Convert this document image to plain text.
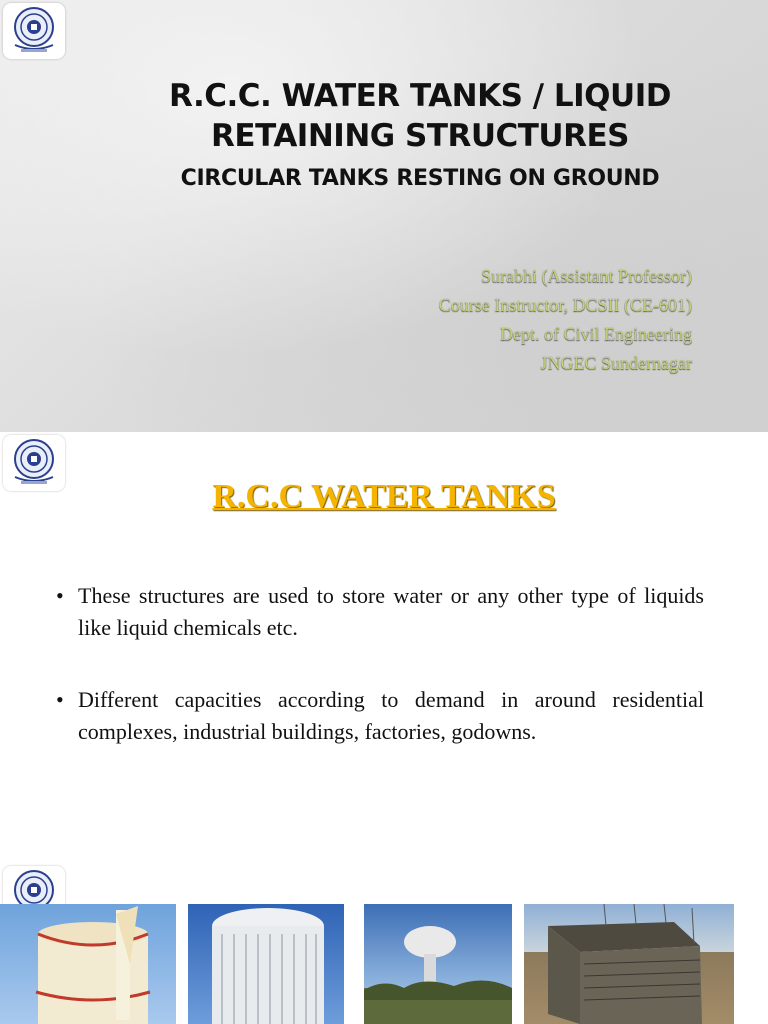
R.C.C. WATER TANKS / LIQUID
RETAINING STRUCTURES
CIRCULAR TANKS RESTING ON GROUND
Surabhi (Assistant Professor)
Course Instructor, DCSII (CE-601)
Dept. of Civil Engineering
JNGEC Sundernagar
R.C.C WATER TANKS
• These structures are used to store water or any other type of liquids like liquid chemicals etc.
• Different capacities according to demand in around residential complexes, industrial buildings, factories, godowns.
